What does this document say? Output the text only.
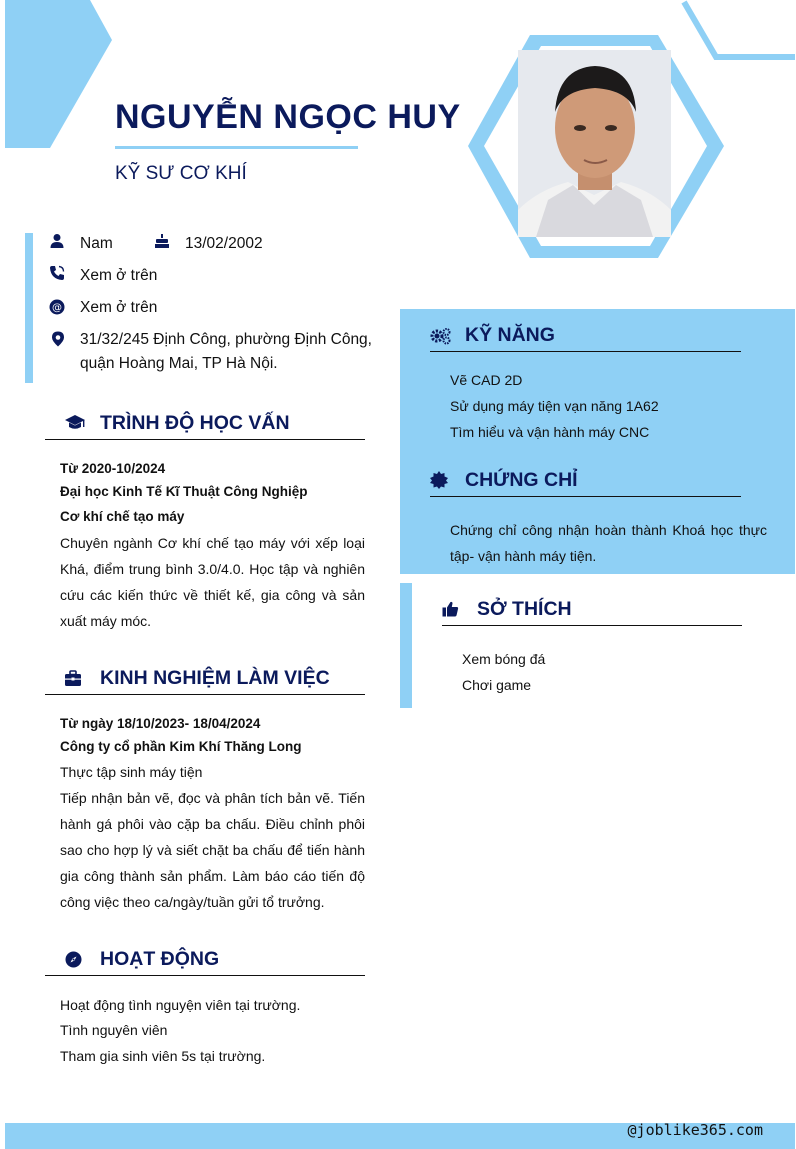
NGUYỄN NGỌC HUY
KỸ SƯ CƠ KHÍ
Nam	13/02/2002
Xem ở trên
@ Xem ở trên
31/32/245 Định Công, phường Định Công,
quận Hoàng Mai, TP Hà Nội.
TRÌNH ĐỘ HỌC VẤN
Từ 2020-10/2024
Đại học Kinh Tế Kĩ Thuật Công Nghiệp
Cơ khí chế tạo máy
Chuyên ngành Cơ khí chế tạo máy với xếp loại Khá, điểm trung bình 3.0/4.0. Học tập và nghiên cứu các kiến thức về thiết kế, gia công và sản xuất máy móc.
KINH NGHIỆM LÀM VIỆC
Từ ngày 18/10/2023- 18/04/2024
Công ty cổ phần Kim Khí Thăng Long
Thực tập sinh máy tiện
Tiếp nhận bản vẽ, đọc và phân tích bản vẽ. Tiến hành gá phôi vào cặp ba chấu. Điều chỉnh phôi sao cho hợp lý và siết chặt ba chấu để tiến hành gia công thành sản phẩm. Làm báo cáo tiến độ công việc theo ca/ngày/tuần gửi tổ trưởng.
HOẠT ĐỘNG
Hoạt động tình nguyện viên tại trường.
Tình nguyên viên
Tham gia sinh viên 5s tại trường.
KỸ NĂNG
Vẽ CAD 2D
Sử dụng máy tiện vạn năng 1A62
Tìm hiểu và vận hành máy CNC
CHỨNG CHỈ
Chứng chỉ công nhận hoàn thành Khoá học thực tập- vận hành máy tiện.
SỞ THÍCH
Xem bóng đá
Chơi game
@joblike365.com
